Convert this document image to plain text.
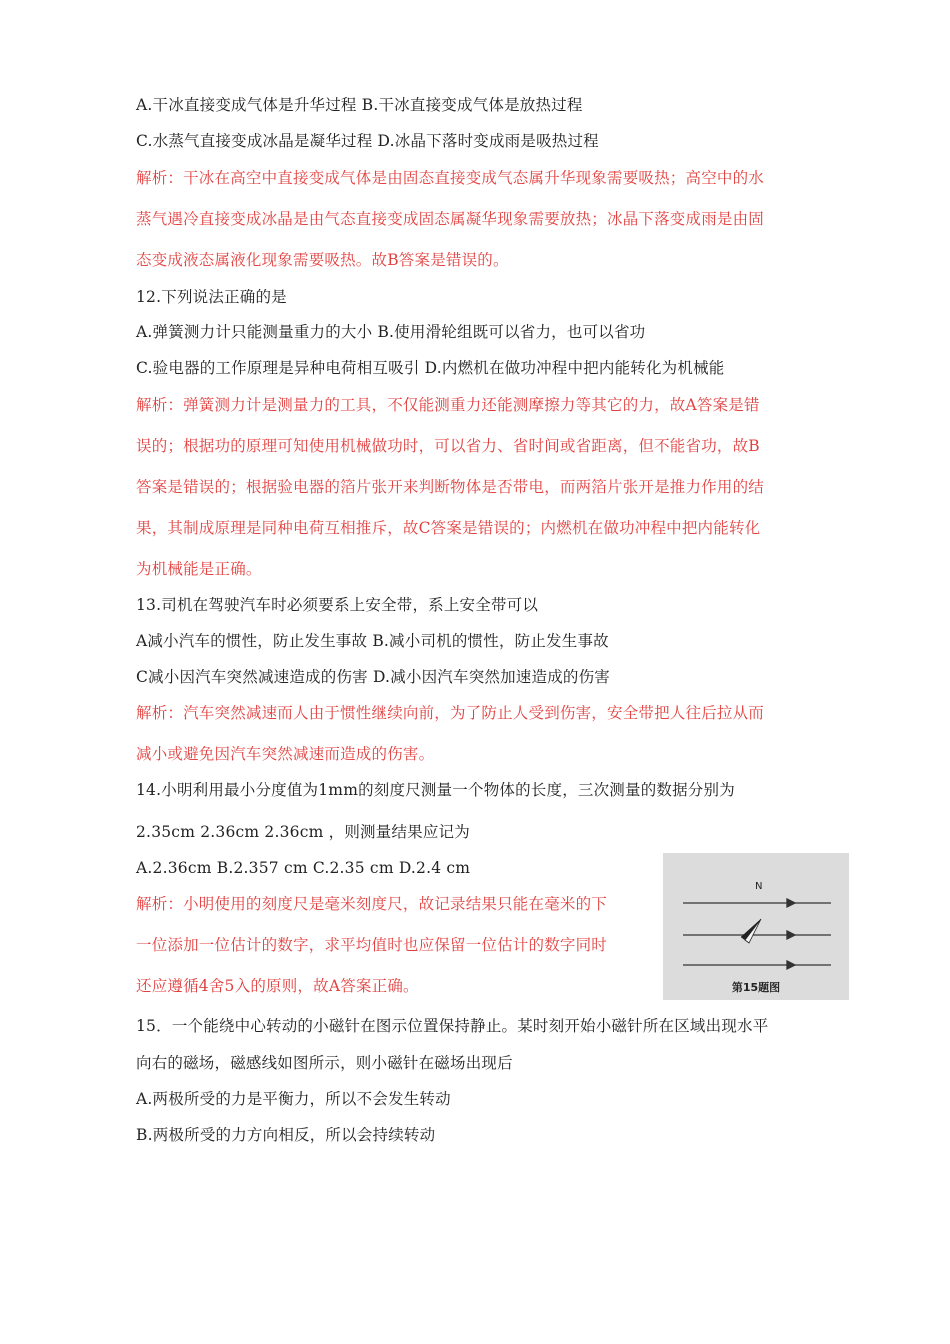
A.干冰直接变成气体是升华过程 B.干冰直接变成气体是放热过程
C.水蒸气直接变成冰晶是凝华过程 D.冰晶下落时变成雨是吸热过程
解析：干冰在高空中直接变成气体是由固态直接变成气态属升华现象需要吸热；高空中的水
蒸气遇冷直接变成冰晶是由气态直接变成固态属凝华现象需要放热；冰晶下落变成雨是由固
态变成液态属液化现象需要吸热。故B答案是错误的。
12.下列说法正确的是
A.弹簧测力计只能测量重力的大小 B.使用滑轮组既可以省力，也可以省功
C.验电器的工作原理是异种电荷相互吸引 D.内燃机在做功冲程中把内能转化为机械能
解析：弹簧测力计是测量力的工具，不仅能测重力还能测摩擦力等其它的力，故A答案是错
误的；根据功的原理可知使用机械做功时，可以省力、省时间或省距离，但不能省功，故B
答案是错误的；根据验电器的箔片张开来判断物体是否带电，而两箔片张开是推力作用的结
果，其制成原理是同种电荷互相推斥，故C答案是错误的；内燃机在做功冲程中把内能转化
为机械能是正确。
13.司机在驾驶汽车时必须要系上安全带，系上安全带可以
A减小汽车的惯性，防止发生事故 B.减小司机的惯性，防止发生事故
C减小因汽车突然减速造成的伤害 D.减小因汽车突然加速造成的伤害
解析：汽车突然减速而人由于惯性继续向前，为了防止人受到伤害，安全带把人往后拉从而
减小或避免因汽车突然减速而造成的伤害。
14.小明利用最小分度值为1mm的刻度尺测量一个物体的长度，三次测量的数据分别为
2.35cm 2.36cm 2.36cm ，则测量结果应记为
A.2.36cm B.2.357 cm C.2.35 cm D.2.4 cm
解析：小明使用的刻度尺是毫米刻度尺，故记录结果只能在毫米的下
一位添加一位估计的数字，求平均值时也应保留一位估计的数字同时
还应遵循4舍5入的原则，故A答案正确。
15．一个能绕中心转动的小磁针在图示位置保持静止。某时刻开始小磁针所在区域出现水平
向右的磁场，磁感线如图所示，则小磁针在磁场出现后
A.两极所受的力是平衡力，所以不会发生转动
B.两极所受的力方向相反，所以会持续转动
N
第15题图
